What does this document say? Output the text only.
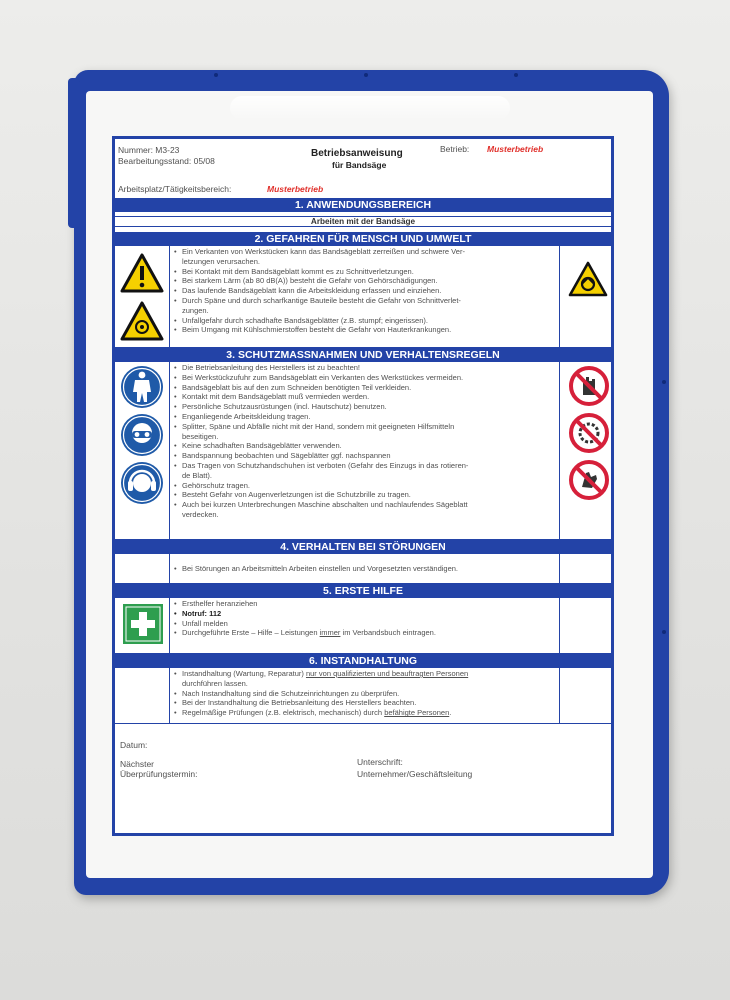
Nummer: M3-23
Bearbeitungsstand: 05/08
Betriebsanweisung
für Bandsäge
Betrieb: Musterbetrieb
Arbeitsplatz/Tätigkeitsbereich:	Musterbetrieb
1. ANWENDUNGSBEREICH
Arbeiten mit der Bandsäge
2. GEFAHREN FÜR MENSCH UND UMWELT
• Ein Verkanten von Werkstücken kann das Bandsägeblatt zerreißen und schwere Ver-
letzungen verursachen.
• Bei Kontakt mit dem Bandsägeblatt kommt es zu Schnittverletzungen.
• Bei starkem Lärm (ab 80 dB(A)) besteht die Gefahr von Gehörschädigungen.
• Das laufende Bandsägeblatt kann die Arbeitskleidung erfassen und einziehen.
• Durch Späne und durch scharfkantige Bauteile besteht die Gefahr von Schnittverlet-
zungen.
• Unfallgefahr durch schadhafte Bandsägeblätter (z.B. stumpf; eingerissen).
• Beim Umgang mit Kühlschmierstoffen besteht die Gefahr von Hauterkrankungen.
3. SCHUTZMASSNAHMEN UND VERHALTENSREGELN
• Die Betriebsanleitung des Herstellers ist zu beachten!
• Bei Werkstückzufuhr zum Bandsägeblatt ein Verkanten des Werkstückes vermeiden.
• Bandsägeblatt bis auf den zum Schneiden benötigten Teil verkleiden.
• Kontakt mit dem Bandsägeblatt muß vermieden werden.
• Persönliche Schutzausrüstungen (incl. Hautschutz) benutzen.
• Enganliegende Arbeitskleidung tragen.
• Splitter, Späne und Abfälle nicht mit der Hand, sondern mit geeigneten Hilfsmitteln
beseitigen.
• Keine schadhaften Bandsägeblätter verwenden.
• Bandspannung beobachten und Sägeblätter ggf. nachspannen
• Das Tragen von Schutzhandschuhen ist verboten (Gefahr des Einzugs in das rotieren-
de Blatt).
• Gehörschutz tragen.
• Besteht Gefahr von Augenverletzungen ist die Schutzbrille zu tragen.
• Auch bei kurzen Unterbrechungen Maschine abschalten und nachlaufendes Sägeblatt
verdecken.
4. VERHALTEN BEI STÖRUNGEN
• Bei Störungen an Arbeitsmitteln Arbeiten einstellen und Vorgesetzten verständigen.
5. ERSTE HILFE
• Ersthelfer heranziehen
• Notruf: 112
• Unfall melden
• Durchgeführte Erste – Hilfe – Leistungen immer im Verbandsbuch eintragen.
6. INSTANDHALTUNG
• Instandhaltung (Wartung, Reparatur) nur von qualifizierten und beauftragten Personen
durchführen lassen.
• Nach Instandhaltung sind die Schutzeinrichtungen zu überprüfen.
• Bei der Instandhaltung die Betriebsanleitung des Herstellers beachten.
• Regelmäßige Prüfungen (z.B. elektrisch, mechanisch) durch befähigte Personen.
Datum:
Nächster
Überprüfungstermin:
Unterschrift:
Unternehmer/Geschäftsleitung
